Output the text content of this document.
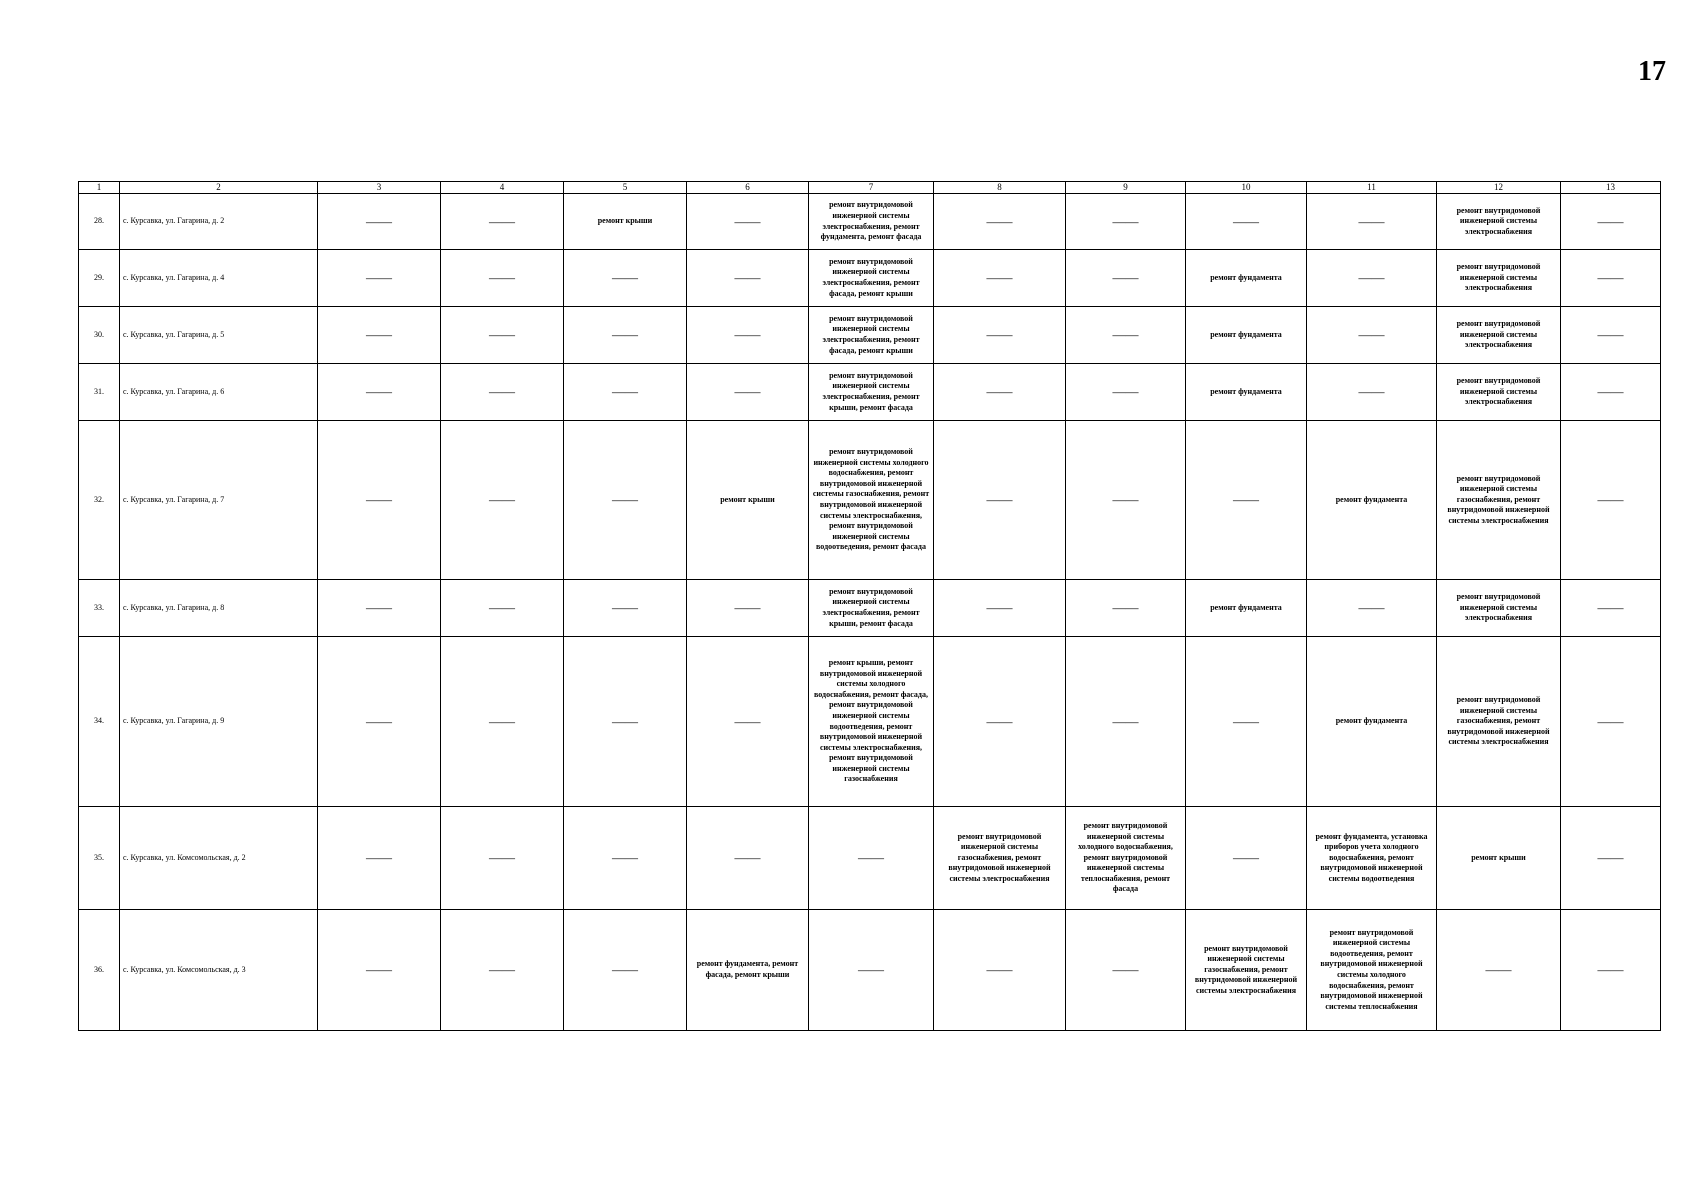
17
1	2	3	4	5	6	7	8	9	10	11	12	13
28.	с. Курсавка, ул. Гагарина, д. 2	——	——	ремонт крыши	——	ремонт внутридомовой инженерной системы электроснабжения, ремонт фундамента, ремонт фасада	——	——	——	——	ремонт внутридомовой инженерной системы электроснабжения	——
29.	с. Курсавка, ул. Гагарина, д. 4	——	——	——	——	ремонт внутридомовой инженерной системы электроснабжения, ремонт фасада, ремонт крыши	——	——	ремонт фундамента	——	ремонт внутридомовой инженерной системы электроснабжения	——
30.	с. Курсавка, ул. Гагарина, д. 5	——	——	——	——	ремонт внутридомовой инженерной системы электроснабжения, ремонт фасада, ремонт крыши	——	——	ремонт фундамента	——	ремонт внутридомовой инженерной системы электроснабжения	——
31.	с. Курсавка, ул. Гагарина, д. 6	——	——	——	——	ремонт внутридомовой инженерной системы электроснабжения, ремонт крыши, ремонт фасада	——	——	ремонт фундамента	——	ремонт внутридомовой инженерной системы электроснабжения	——
32.	с. Курсавка, ул. Гагарина, д. 7	——	——	——	ремонт крыши	ремонт внутридомовой инженерной системы холодного водоснабжения, ремонт внутридомовой инженерной системы газоснабжения, ремонт внутридомовой инженерной системы электроснабжения, ремонт внутридомовой инженерной системы водоотведения, ремонт фасада	——	——	——	ремонт фундамента	ремонт внутридомовой инженерной системы газоснабжения, ремонт внутридомовой инженерной системы электроснабжения	——
33.	с. Курсавка, ул. Гагарина, д. 8	——	——	——	——	ремонт внутридомовой инженерной системы электроснабжения, ремонт крыши, ремонт фасада	——	——	ремонт фундамента	——	ремонт внутридомовой инженерной системы электроснабжения	——
34.	с. Курсавка, ул. Гагарина, д. 9	——	——	——	——	ремонт крыши, ремонт внутридомовой инженерной системы холодного водоснабжения, ремонт фасада, ремонт внутридомовой инженерной системы водоотведения, ремонт внутридомовой инженерной системы электроснабжения, ремонт внутридомовой инженерной системы газоснабжения	——	——	——	ремонт фундамента	ремонт внутридомовой инженерной системы газоснабжения, ремонт внутридомовой инженерной системы электроснабжения	——
35.	с. Курсавка, ул. Комсомольская, д. 2	——	——	——	——	——	ремонт внутридомовой инженерной системы газоснабжения, ремонт внутридомовой инженерной системы электроснабжения	ремонт внутридомовой инженерной системы холодного водоснабжения, ремонт внутридомовой инженерной системы теплоснабжения, ремонт фасада	——	ремонт фундамента, установка приборов учета холодного водоснабжения, ремонт внутридомовой инженерной системы водоотведения	ремонт крыши	——
36.	с. Курсавка, ул. Комсомольская, д. 3	——	——	——	ремонт фундамента, ремонт фасада, ремонт крыши	——	——	——	ремонт внутридомовой инженерной системы газоснабжения, ремонт внутридомовой инженерной системы электроснабжения	ремонт внутридомовой инженерной системы водоотведения, ремонт внутридомовой инженерной системы холодного водоснабжения, ремонт внутридомовой инженерной системы теплоснабжения	——	——
